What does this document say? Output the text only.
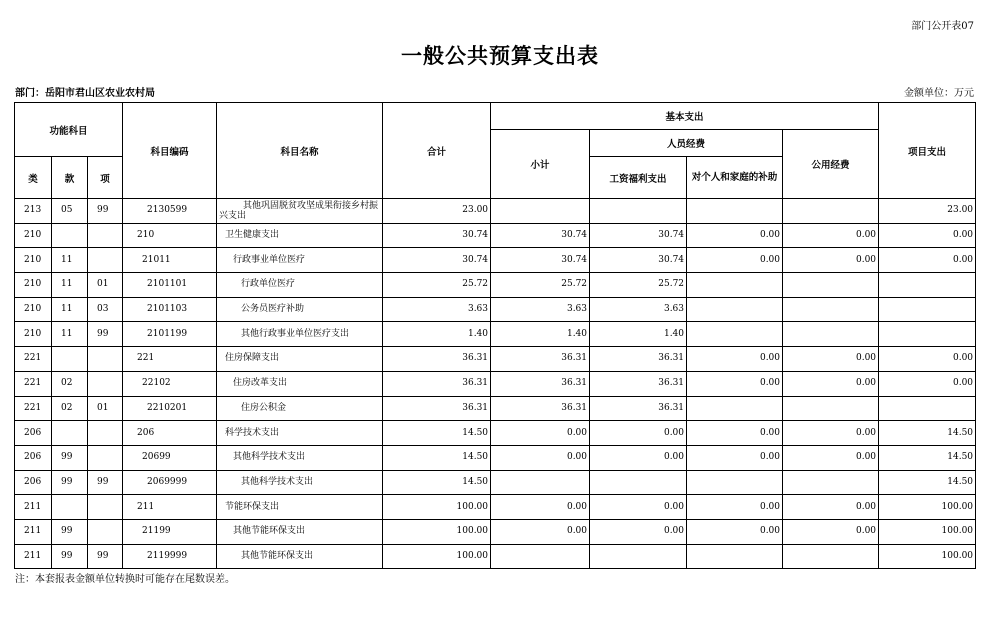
部门公开表07
一般公共预算支出表
部门：岳阳市君山区农业农村局	金额单位：万元
功能科目			科目编码	科目名称	合计	基本支出				项目支出
						小计	人员经费		公用经费	
类	款	项					工资福利支出	对个人和家庭的补助		
213	05	99	2130599	其他巩固脱贫攻坚成果衔接乡村振兴支出	23.00					23.00
210			210	卫生健康支出	30.74	30.74	30.74	0.00	0.00	0.00
210	11		21011	行政事业单位医疗	30.74	30.74	30.74	0.00	0.00	0.00
210	11	01	2101101	行政单位医疗	25.72	25.72	25.72			
210	11	03	2101103	公务员医疗补助	3.63	3.63	3.63			
210	11	99	2101199	其他行政事业单位医疗支出	1.40	1.40	1.40			
221			221	住房保障支出	36.31	36.31	36.31	0.00	0.00	0.00
221	02		22102	住房改革支出	36.31	36.31	36.31	0.00	0.00	0.00
221	02	01	2210201	住房公积金	36.31	36.31	36.31			
206			206	科学技术支出	14.50	0.00	0.00	0.00	0.00	14.50
206	99		20699	其他科学技术支出	14.50	0.00	0.00	0.00	0.00	14.50
206	99	99	2069999	其他科学技术支出	14.50					14.50
211			211	节能环保支出	100.00	0.00	0.00	0.00	0.00	100.00
211	99		21199	其他节能环保支出	100.00	0.00	0.00	0.00	0.00	100.00
211	99	99	2119999	其他节能环保支出	100.00					100.00
注：本套报表金额单位转换时可能存在尾数误差。
